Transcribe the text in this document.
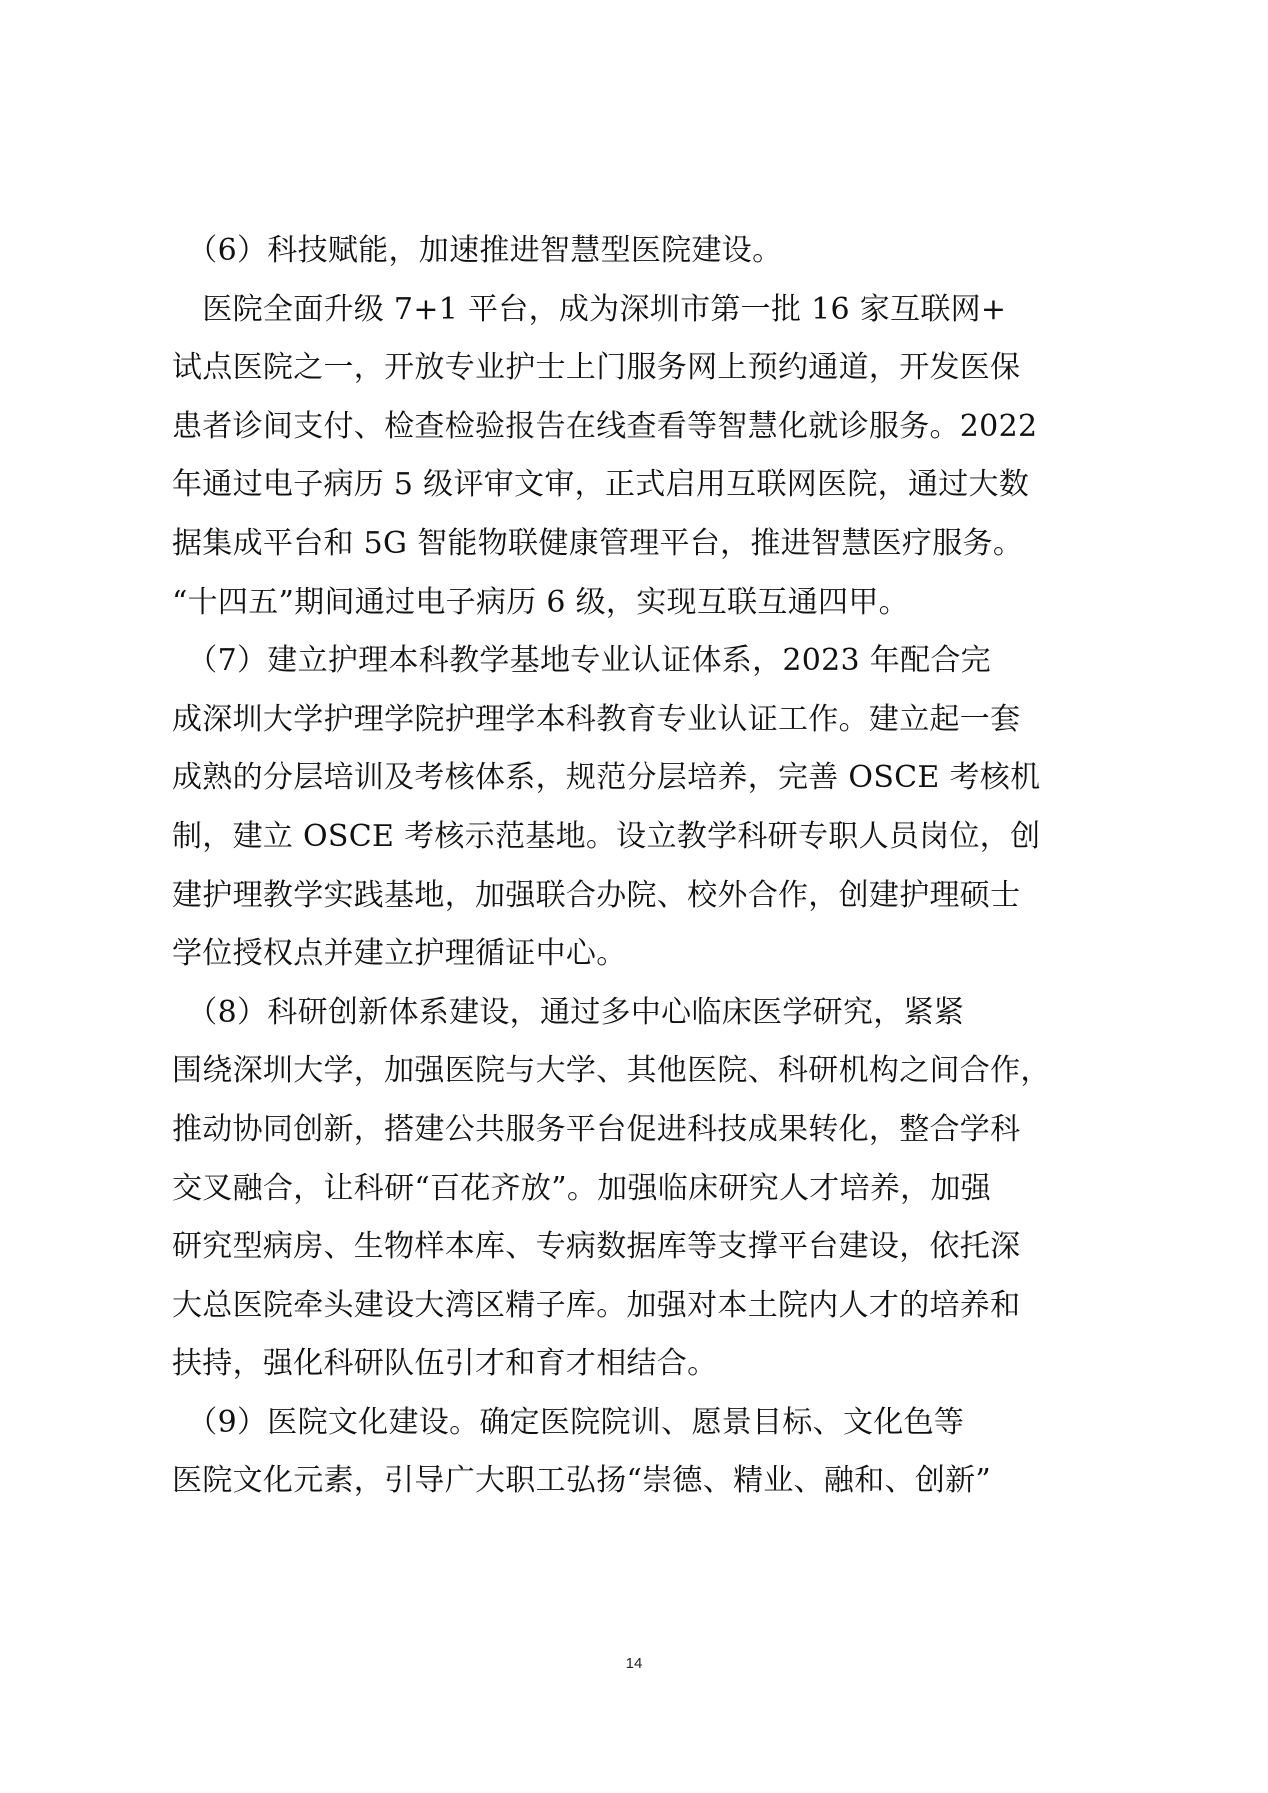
　（6）科技赋能，加速推进智慧型医院建设。
　医院全面升级 7+1 平台，成为深圳市第一批 16 家互联网+
试点医院之一，开放专业护士上门服务网上预约通道，开发医保
患者诊间支付、检查检验报告在线查看等智慧化就诊服务。2022
年通过电子病历 5 级评审文审，正式启用互联网医院，通过大数
据集成平台和 5G 智能物联健康管理平台，推进智慧医疗服务。
“十四五”期间通过电子病历 6 级，实现互联互通四甲。
　（7）建立护理本科教学基地专业认证体系，2023 年配合完
成深圳大学护理学院护理学本科教育专业认证工作。建立起一套
成熟的分层培训及考核体系，规范分层培养，完善 OSCE 考核机
制，建立 OSCE 考核示范基地。设立教学科研专职人员岗位，创
建护理教学实践基地，加强联合办院、校外合作，创建护理硕士
学位授权点并建立护理循证中心。
　（8）科研创新体系建设，通过多中心临床医学研究，紧紧
围绕深圳大学，加强医院与大学、其他医院、科研机构之间合作，
推动协同创新，搭建公共服务平台促进科技成果转化，整合学科
交叉融合，让科研“百花齐放”。加强临床研究人才培养，加强
研究型病房、生物样本库、专病数据库等支撑平台建设，依托深
大总医院牵头建设大湾区精子库。加强对本土院内人才的培养和
扶持，强化科研队伍引才和育才相结合。
　（9）医院文化建设。确定医院院训、愿景目标、文化色等
医院文化元素，引导广大职工弘扬“崇德、精业、融和、创新”
14
